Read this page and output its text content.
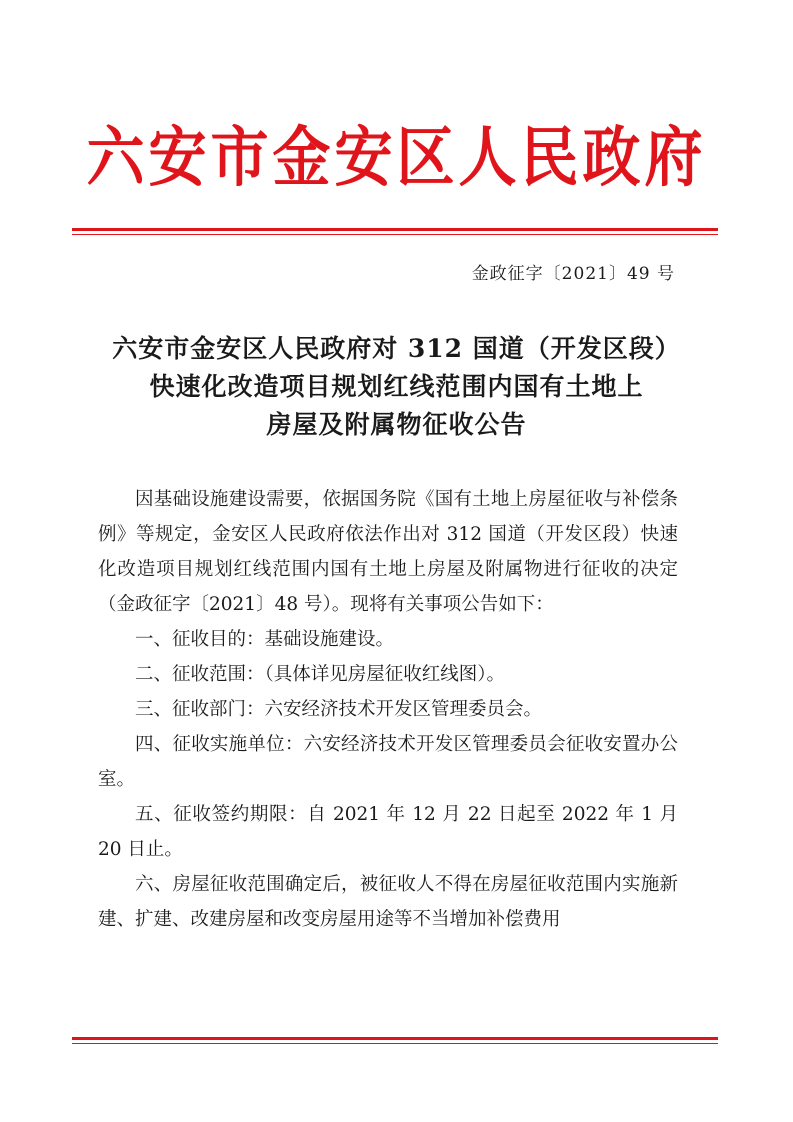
六安市金安区人民政府
金政征字〔2021〕49 号
六安市金安区人民政府对 312 国道（开发区段）
快速化改造项目规划红线范围内国有土地上
房屋及附属物征收公告

因基础设施建设需要，依据国务院《国有土地上房屋征收与补偿条例》等规定，金安区人民政府依法作出对 312 国道（开发区段）快速化改造项目规划红线范围内国有土地上房屋及附属物进行征收的决定（金政征字〔2021〕48 号）。现将有关事项公告如下：

一、征收目的：基础设施建设。

二、征收范围：（具体详见房屋征收红线图）。

三、征收部门：六安经济技术开发区管理委员会。

四、征收实施单位：六安经济技术开发区管理委员会征收安置办公室。

五、征收签约期限：自 2021 年 12 月 22 日起至 2022 年 1 月 20 日止。

六、房屋征收范围确定后，被征收人不得在房屋征收范围内实施新建、扩建、改建房屋和改变房屋用途等不当增加补偿费用
